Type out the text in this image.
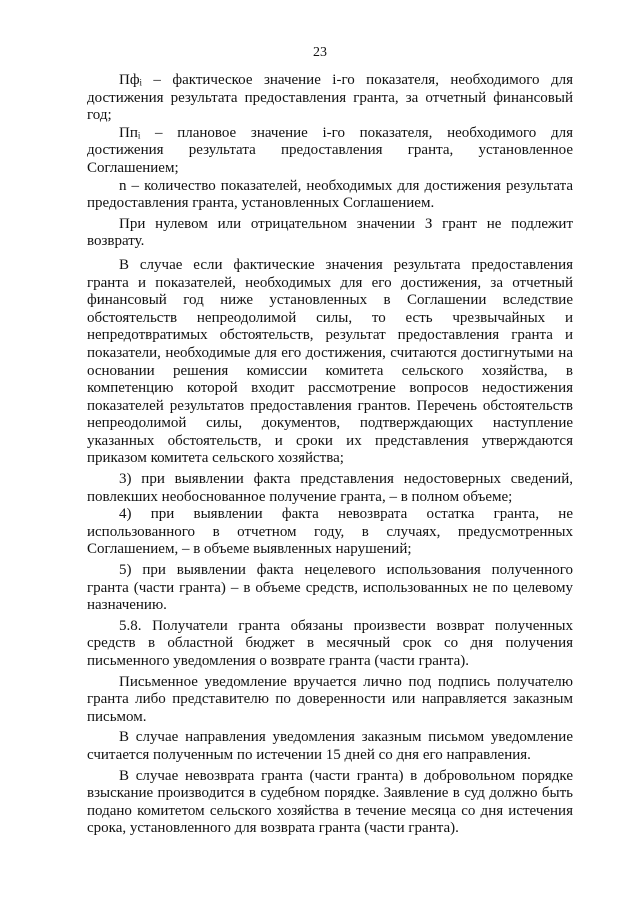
23

Пфᵢ – фактическое значение i-го показателя, необходимого для достижения результата предоставления гранта, за отчетный финансовый год;

Ппᵢ – плановое значение i-го показателя, необходимого для достижения результата предоставления гранта, установленное Соглашением;

n – количество показателей, необходимых для достижения результата предоставления гранта, установленных Соглашением.

При нулевом или отрицательном значении З грант не подлежит возврату.

В случае если фактические значения результата предоставления гранта и показателей, необходимых для его достижения, за отчетный финансовый год ниже установленных в Соглашении вследствие обстоятельств непреодолимой силы, то есть чрезвычайных и непредотвратимых обстоятельств, результат предоставления гранта и показатели, необходимые для его достижения, считаются достигнутыми на основании решения комиссии комитета сельского хозяйства, в компетенцию которой входит рассмотрение вопросов недостижения показателей результатов предоставления грантов. Перечень обстоятельств непреодолимой силы, документов, подтверждающих наступление указанных обстоятельств, и сроки их представления утверждаются приказом комитета сельского хозяйства;

3) при выявлении факта представления недостоверных сведений, повлекших необоснованное получение гранта, – в полном объеме;

4) при выявлении факта невозврата остатка гранта, не использованного в отчетном году, в случаях, предусмотренных Соглашением, – в объеме выявленных нарушений;

5) при выявлении факта нецелевого использования полученного гранта (части гранта) – в объеме средств, использованных не по целевому назначению.

5.8. Получатели гранта обязаны произвести возврат полученных средств в областной бюджет в месячный срок со дня получения письменного уведомления о возврате гранта (части гранта).

Письменное уведомление вручается лично под подпись получателю гранта либо представителю по доверенности или направляется заказным письмом.

В случае направления уведомления заказным письмом уведомление считается полученным по истечении 15 дней со дня его направления.

В случае невозврата гранта (части гранта) в добровольном порядке взыскание производится в судебном порядке. Заявление в суд должно быть подано комитетом сельского хозяйства в течение месяца со дня истечения срока, установленного для возврата гранта (части гранта).
